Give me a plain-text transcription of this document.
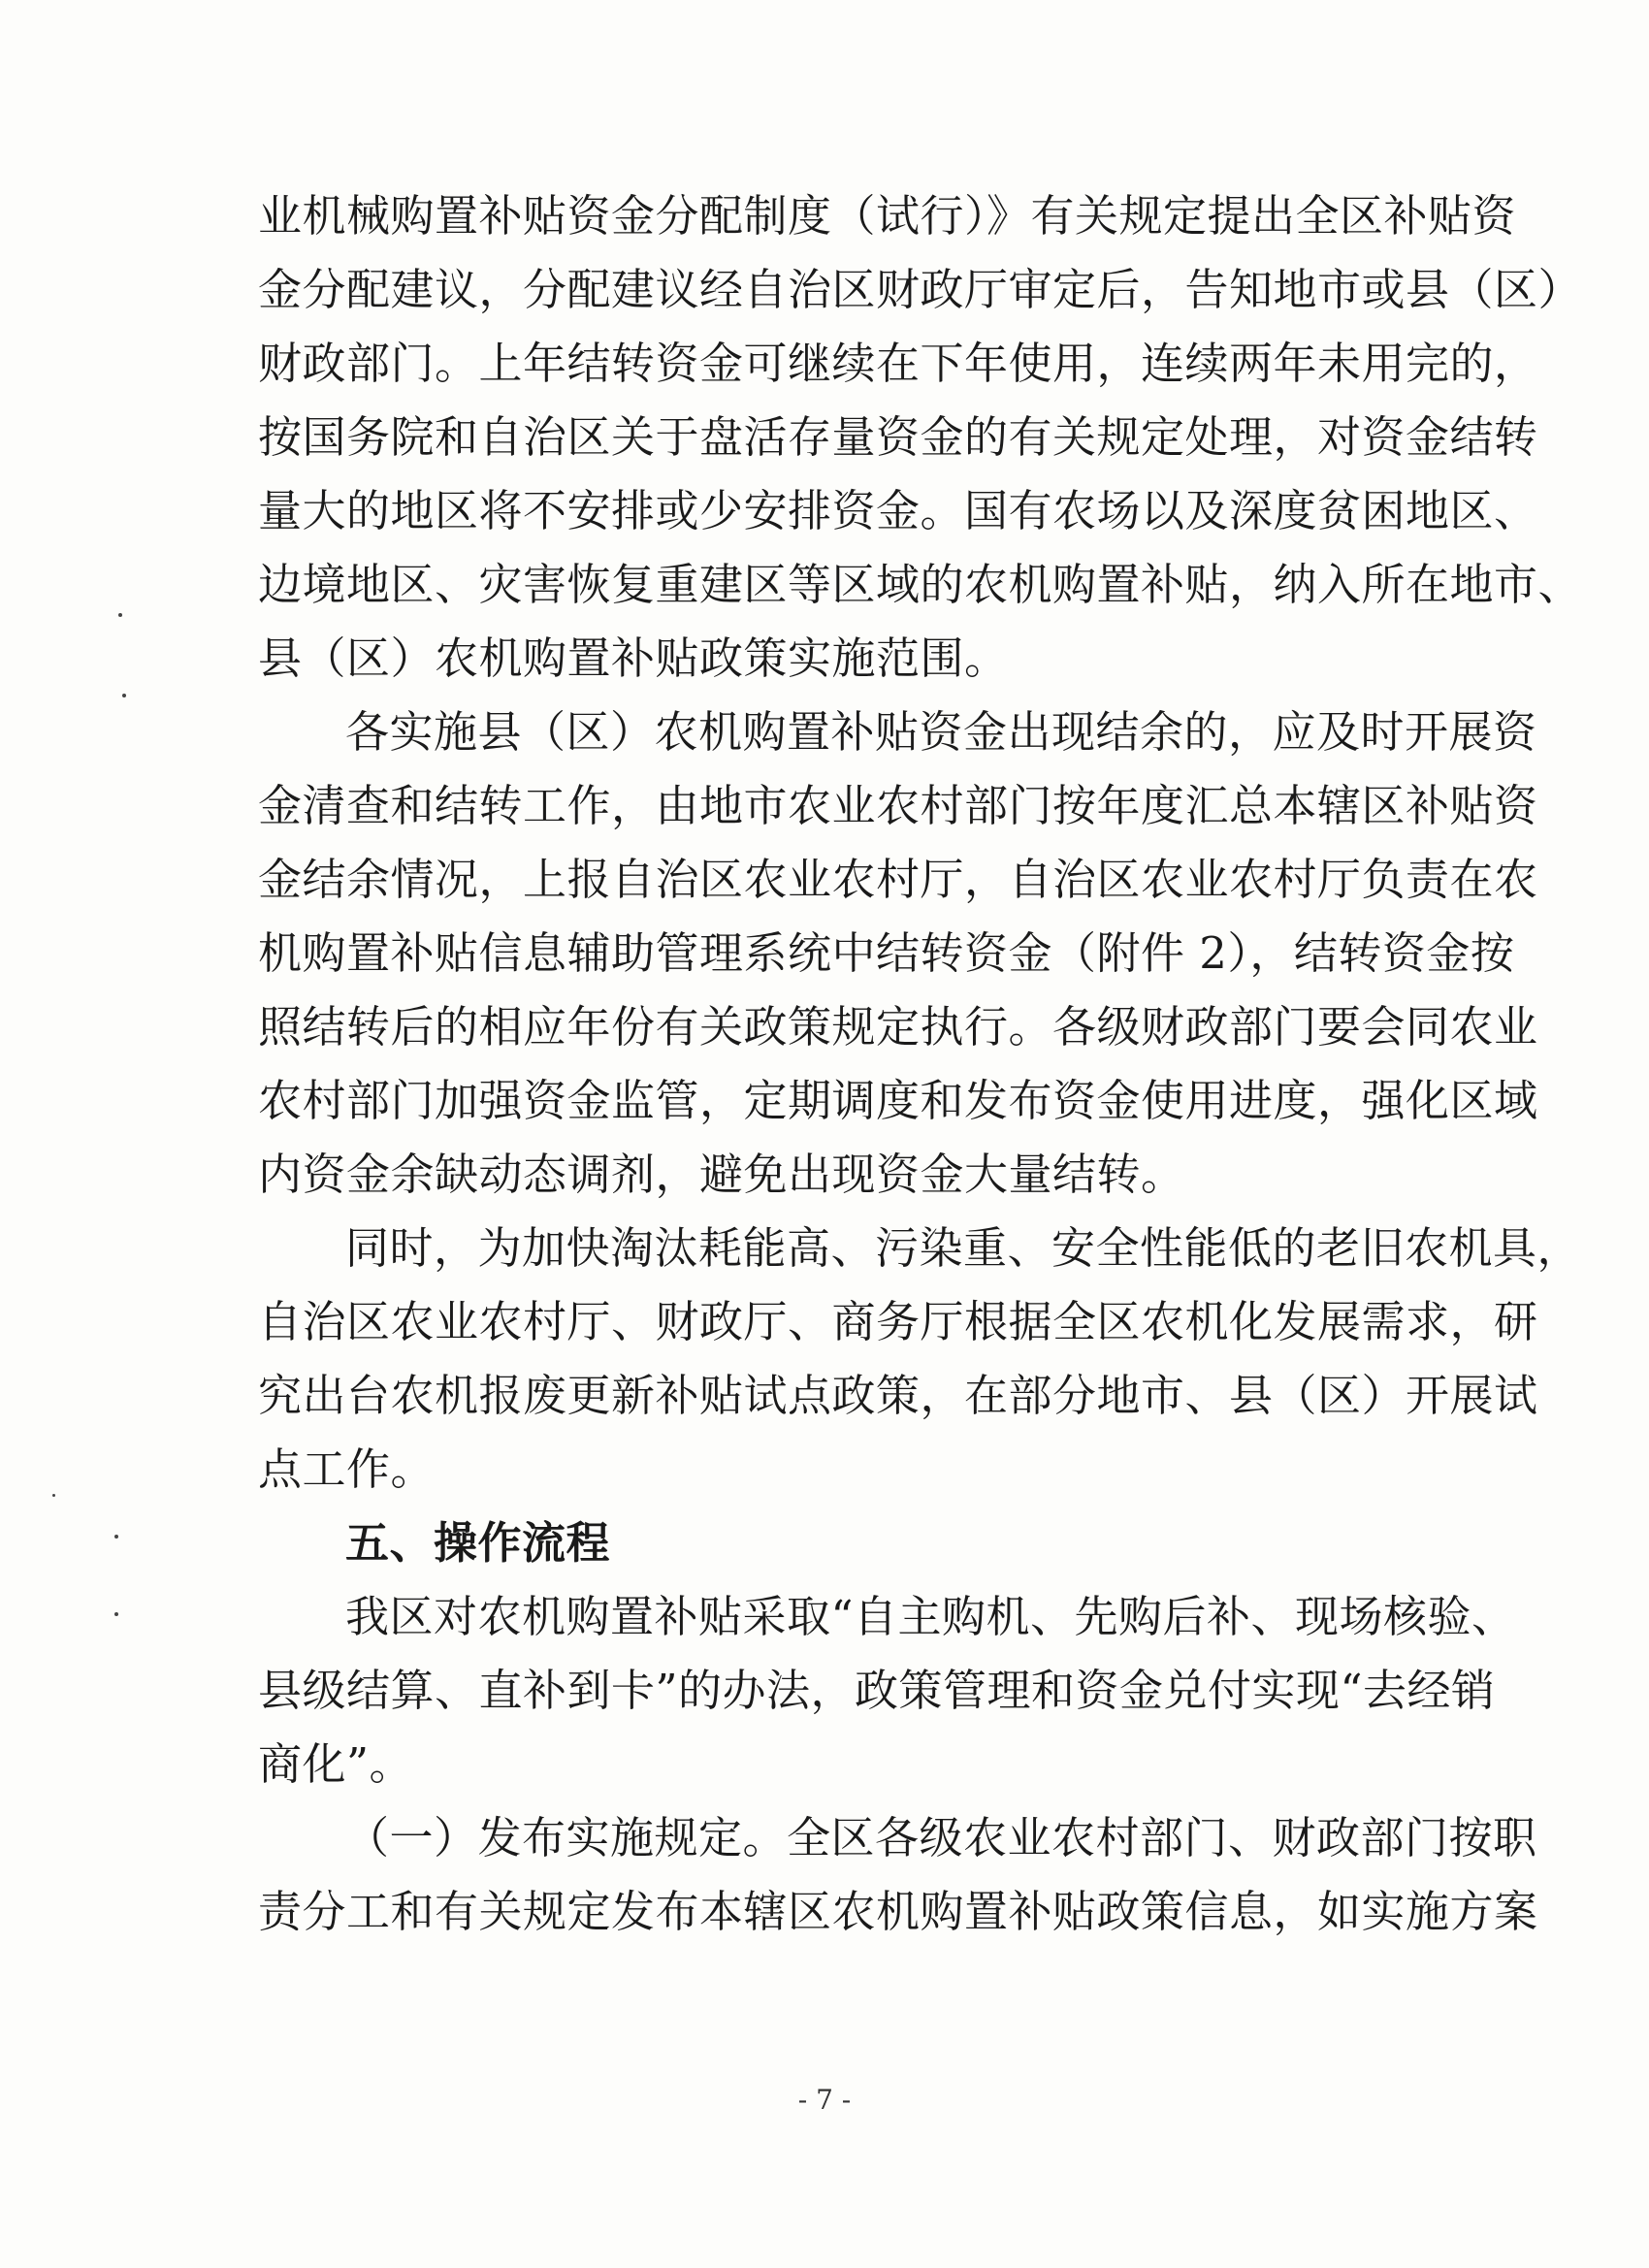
业机械购置补贴资金分配制度（试行）》有关规定提出全区补贴资
金分配建议，分配建议经自治区财政厅审定后，告知地市或县（区）
财政部门。上年结转资金可继续在下年使用，连续两年未用完的，
按国务院和自治区关于盘活存量资金的有关规定处理，对资金结转
量大的地区将不安排或少安排资金。国有农场以及深度贫困地区、
边境地区、灾害恢复重建区等区域的农机购置补贴，纳入所在地市、
县（区）农机购置补贴政策实施范围。
各实施县（区）农机购置补贴资金出现结余的，应及时开展资
金清查和结转工作，由地市农业农村部门按年度汇总本辖区补贴资
金结余情况，上报自治区农业农村厅，自治区农业农村厅负责在农
机购置补贴信息辅助管理系统中结转资金（附件 2），结转资金按
照结转后的相应年份有关政策规定执行。各级财政部门要会同农业
农村部门加强资金监管，定期调度和发布资金使用进度，强化区域
内资金余缺动态调剂，避免出现资金大量结转。
同时，为加快淘汰耗能高、污染重、安全性能低的老旧农机具，
自治区农业农村厅、财政厅、商务厅根据全区农机化发展需求，研
究出台农机报废更新补贴试点政策，在部分地市、县（区）开展试
点工作。
五、操作流程
我区对农机购置补贴采取“自主购机、先购后补、现场核验、
县级结算、直补到卡”的办法，政策管理和资金兑付实现“去经销
商化”。
（一）发布实施规定。全区各级农业农村部门、财政部门按职
责分工和有关规定发布本辖区农机购置补贴政策信息，如实施方案
- 7 -
